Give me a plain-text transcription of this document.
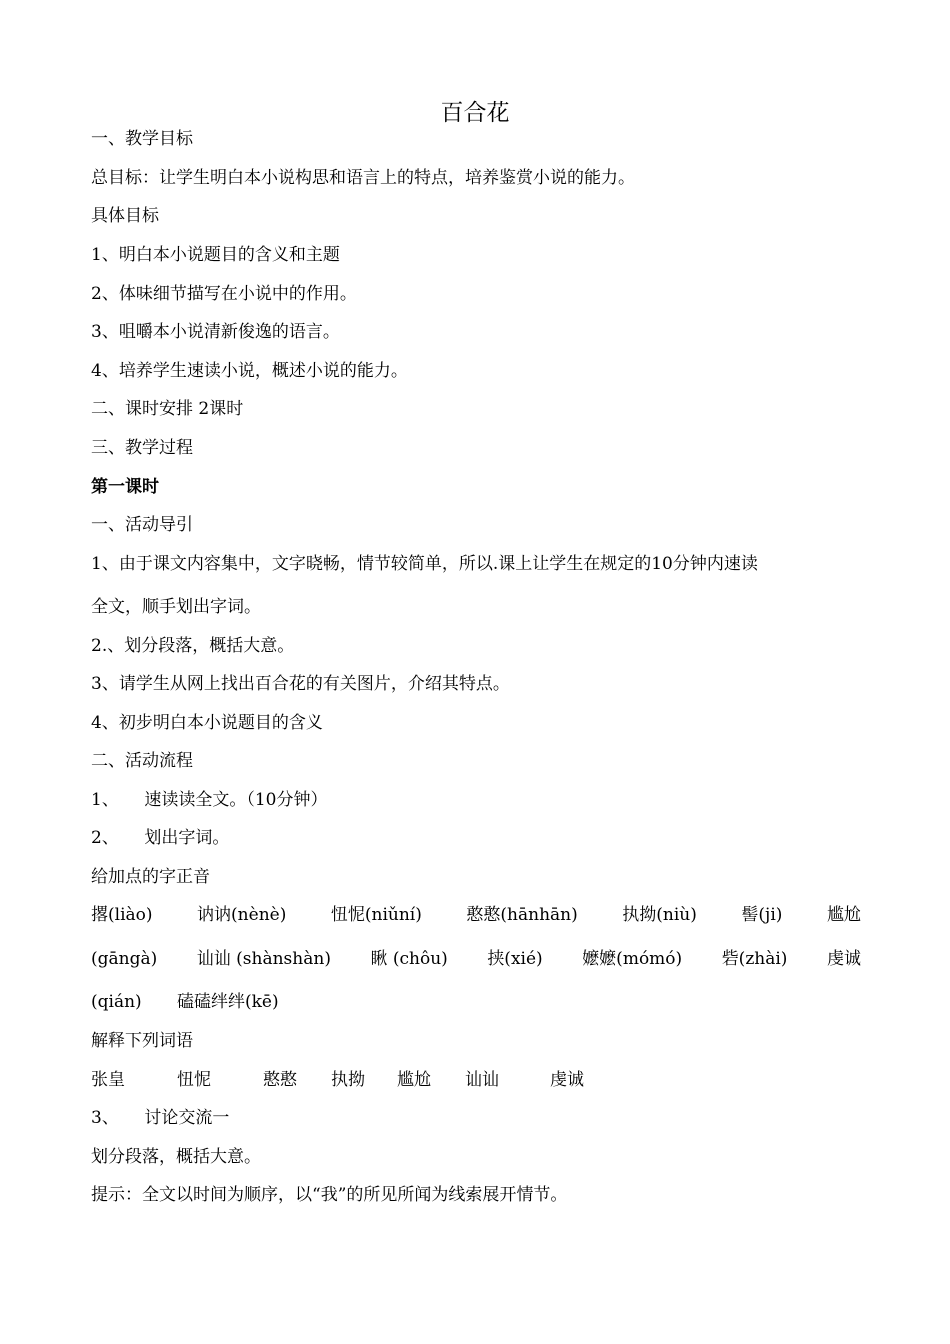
百合花
一、教学目标
总目标：让学生明白本小说构思和语言上的特点，培养鉴赏小说的能力。
具体目标
1、明白本小说题目的含义和主题
2、体味细节描写在小说中的作用。
3、咀嚼本小说清新俊逸的语言。
4、培养学生速读小说，概述小说的能力。
二、课时安排 2课时
三、教学过程
第一课时
一、活动导引
1、由于课文内容集中，文字晓畅，情节较简单，所以.课上让学生在规定的10分钟内速读
全文，顺手划出字词。
2.、划分段落，概括大意。
3、请学生从网上找出百合花的有关图片，介绍其特点。
4、初步明白本小说题目的含义
二、活动流程
1、　　速读读全文。（10分钟）
2、　　划出字词。
给加点的字正音
撂(liào)	讷讷(nènè)	忸怩(niǔní)	憨憨(hānhān)	执拗(niù)	髻(ji)	尴尬
(gāngà) 讪讪 (shànshàn) 瞅 (chôu) 挟(xié) 嬷嬷(mómó) 砦(zhài) 虔诚
(qián) 磕磕绊绊(kē)
解释下列词语
张皇	忸怩	憨憨 执拗 尴尬 讪讪	虔诚
3、　　讨论交流一
划分段落，概括大意。
提示：全文以时间为顺序，以“我”的所见所闻为线索展开情节。
